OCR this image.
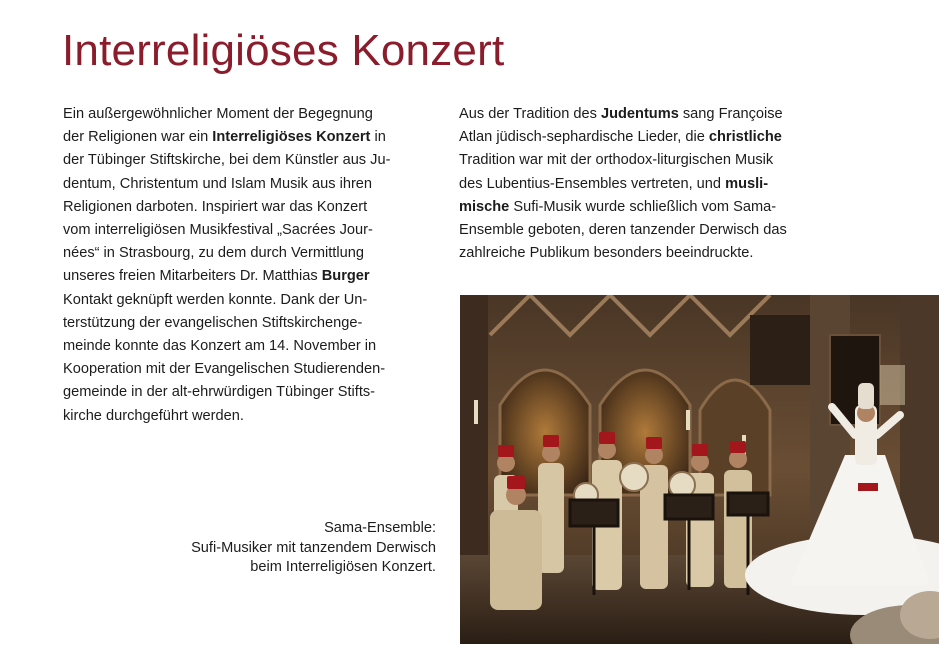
Interreligiöses Konzert
Ein außergewöhnlicher Moment der Begegnung
der Religionen war ein Interreligiöses Konzert in
der Tübinger Stiftskirche, bei dem Künstler aus Ju-
dentum, Christentum und Islam Musik aus ihren
Religionen darboten. Inspiriert war das Konzert
vom interreligiösen Musikfestival „Sacrées Jour-
nées“ in Strasbourg, zu dem durch Vermittlung
unseres freien Mitarbeiters Dr. Matthias Burger
Kontakt geknüpft werden konnte. Dank der Un-
terstützung der evangelischen Stiftskirchenge-
meinde konnte das Konzert am 14. November in
Kooperation mit der Evangelischen Studierenden-
gemeinde in der alt-ehrwürdigen Tübinger Stifts-
kirche durchgeführt werden.
Aus der Tradition des Judentums sang Françoise
Atlan jüdisch-sephardische Lieder, die christliche
Tradition war mit der orthodox-liturgischen Musik
des Lubentius-Ensembles vertreten, und musli-
mische Sufi-Musik wurde schließlich vom Sama-
Ensemble geboten, deren tanzender Derwisch das
zahlreiche Publikum besonders beeindruckte.
Sama-Ensemble:
Sufi-Musiker mit tanzendem Derwisch
beim Interreligiösen Konzert.
